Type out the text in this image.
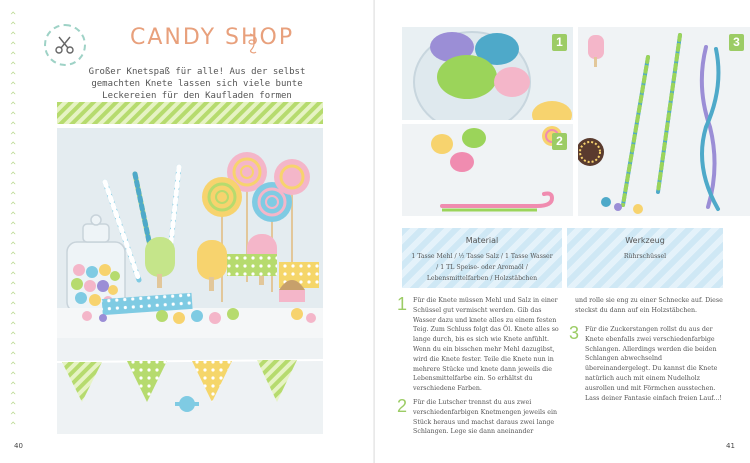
‹
‹
‹
‹
‹
‹
‹
‹
‹
‹
‹
‹
‹
‹
‹
‹
‹
‹
‹
‹
‹
‹
‹
‹
‹
‹
‹
‹
‹
‹
‹
‹
‹
‹
‹
‹
‹
‹
‹
‹
‹
‹
CANDY SHOP
Großer Knetspaß für alle! Aus der selbst gemachten Knete lassen sich viele bunte Leckereien für den Kaufladen formen
40
1
2
3
Material
1 Tasse Mehl / ½ Tasse Salz / 1 Tasse Wasser / 1 TL Speise- oder Aromaöl / Lebensmittelfarben / Holzstäbchen
Werkzeug
Rührschüssel
1 Für die Knete müssen Mehl und Salz in einer Schüssel gut vermischt werden. Gib das Wasser dazu und knete alles zu einem festen Teig. Zum Schluss folgt das Öl. Knete alles so lange durch, bis es sich wie Knete anfühlt. Wenn du ein bisschen mehr Mehl dazugibst, wird die Knete fester. Teile die Knete nun in mehrere Stücke und knete dann jeweils die Lebensmittelfarbe ein. So erhältst du verschiedene Farben.
2 Für die Lutscher trennst du aus zwei verschiedenfarbigen Knetmengen jeweils ein Stück heraus und machst daraus zwei lange Schlangen. Lege sie dann aneinander
und rolle sie eng zu einer Schnecke auf. Diese steckst du dann auf ein Holzstäbchen.
3 Für die Zuckerstangen rollst du aus der Knete ebenfalls zwei verschiedenfarbige Schlangen. Allerdings werden die beiden Schlangen abwechselnd übereinandergelegt. Du kannst die Knete natürlich auch mit einem Nudelholz ausrollen und mit Förmchen ausstechen. Lass deiner Fantasie einfach freien Lauf...!
41
